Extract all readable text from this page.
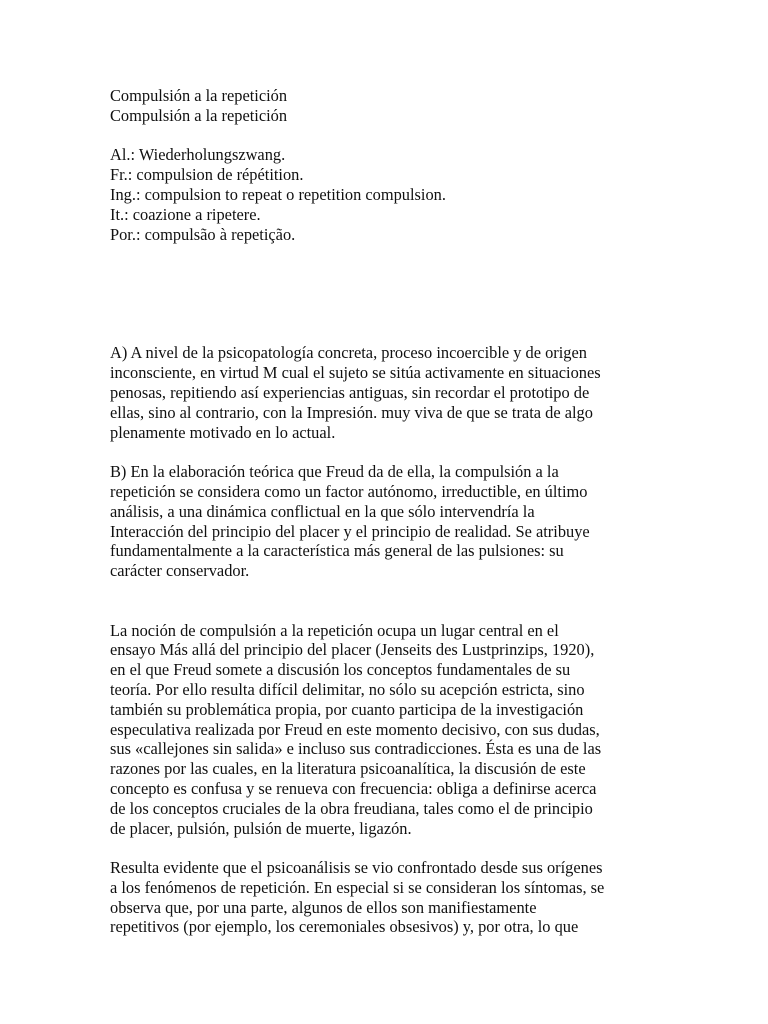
Compulsión a la repetición
Compulsión a la repetición
Al.: Wiederholungszwang.
Fr.: compulsion de répétition.
Ing.: compulsion to repeat o repetition compulsion.
It.: coazione a ripetere.
Por.: compulsão à repetição.
A) A nivel de la psicopatología concreta, proceso incoercible y de origen
inconsciente, en virtud M cual el sujeto se sitúa activamente en situaciones
penosas, repitiendo así experiencias antiguas, sin recordar el prototipo de
ellas, sino al contrario, con la Impresión. muy viva de que se trata de algo
plenamente motivado en lo actual.
B) En la elaboración teórica que Freud da de ella, la compulsión a la
repetición se considera como un factor autónomo, irreductible, en último
análisis, a una dinámica conflictual en la que sólo intervendría la
Interacción del principio del placer y el principio de realidad. Se atribuye
fundamentalmente a la característica más general de las pulsiones: su
carácter conservador.
La noción de compulsión a la repetición ocupa un lugar central en el
ensayo Más allá del principio del placer (Jenseits des Lustprinzips, 1920),
en el que Freud somete a discusión los conceptos fundamentales de su
teoría. Por ello resulta difícil delimitar, no sólo su acepción estricta, sino
también su problemática propia, por cuanto participa de la investigación
especulativa realizada por Freud en este momento decisivo, con sus dudas,
sus «callejones sin salida» e incluso sus contradicciones. Ésta es una de las
razones por las cuales, en la literatura psicoanalítica, la discusión de este
concepto es confusa y se renueva con frecuencia: obliga a definirse acerca
de los conceptos cruciales de la obra freudiana, tales como el de principio
de placer, pulsión, pulsión de muerte, ligazón.
Resulta evidente que el psicoanálisis se vio confrontado desde sus orígenes
a los fenómenos de repetición. En especial si se consideran los síntomas, se
observa que, por una parte, algunos de ellos son manifiestamente
repetitivos (por ejemplo, los ceremoniales obsesivos) y, por otra, lo que
